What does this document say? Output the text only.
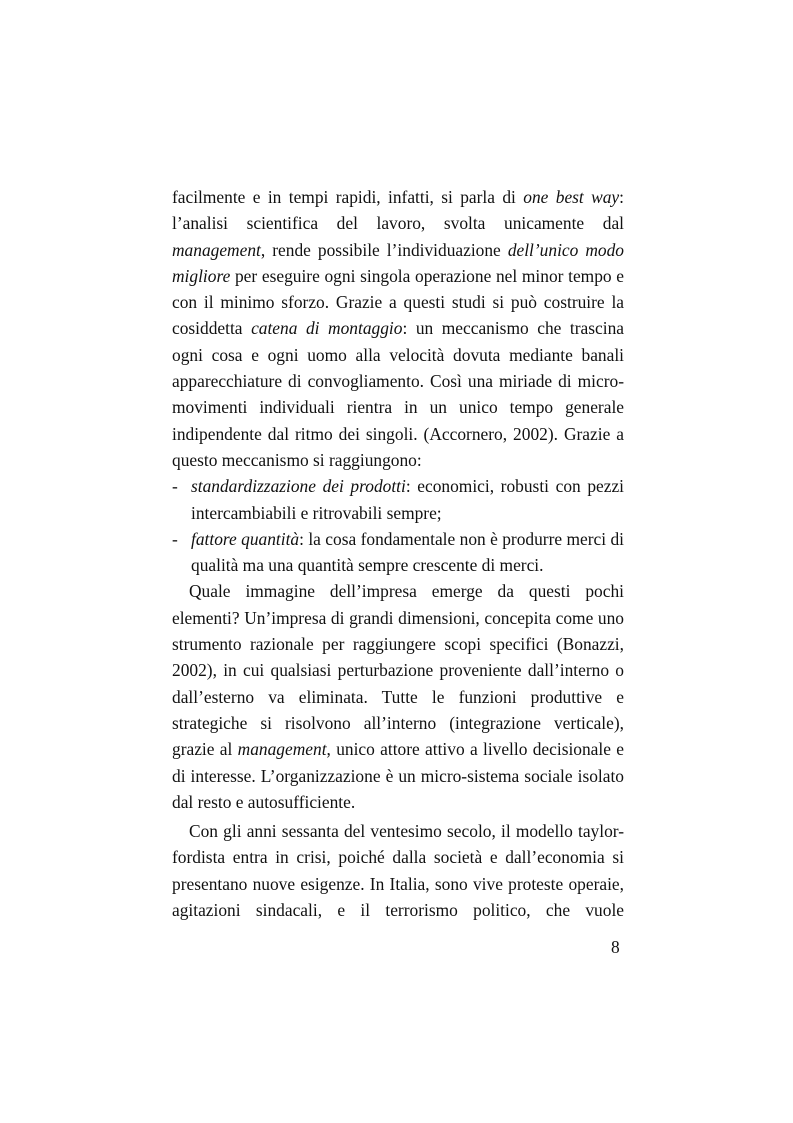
facilmente e in tempi rapidi, infatti, si parla di one best way:
l’analisi scientifica del lavoro, svolta unicamente dal
management, rende possibile l’individuazione dell’unico modo
migliore per eseguire ogni singola operazione nel minor tempo e
con il minimo sforzo. Grazie a questi studi si può costruire la
cosiddetta catena di montaggio: un meccanismo che trascina
ogni cosa e ogni uomo alla velocità dovuta mediante banali
apparecchiature di convogliamento. Così una miriade di micro-
movimenti individuali rientra in un unico tempo generale
indipendente dal ritmo dei singoli. (Accornero, 2002). Grazie a
questo meccanismo si raggiungono:
- standardizzazione dei prodotti: economici, robusti con pezzi
intercambiabili e ritrovabili sempre;
- fattore quantità: la cosa fondamentale non è produrre merci di
qualità ma una quantità sempre crescente di merci.
Quale immagine dell’impresa emerge da questi pochi
elementi? Un’impresa di grandi dimensioni, concepita come uno
strumento razionale per raggiungere scopi specifici (Bonazzi,
2002), in cui qualsiasi perturbazione proveniente dall’interno o
dall’esterno va eliminata. Tutte le funzioni produttive e
strategiche si risolvono all’interno (integrazione verticale),
grazie al management, unico attore attivo a livello decisionale e
di interesse. L’organizzazione è un micro-sistema sociale isolato
dal resto e autosufficiente.
Con gli anni sessanta del ventesimo secolo, il modello taylor-
fordista entra in crisi, poiché dalla società e dall’economia si
presentano nuove esigenze. In Italia, sono vive proteste operaie,
agitazioni sindacali, e il terrorismo politico, che vuole
8
